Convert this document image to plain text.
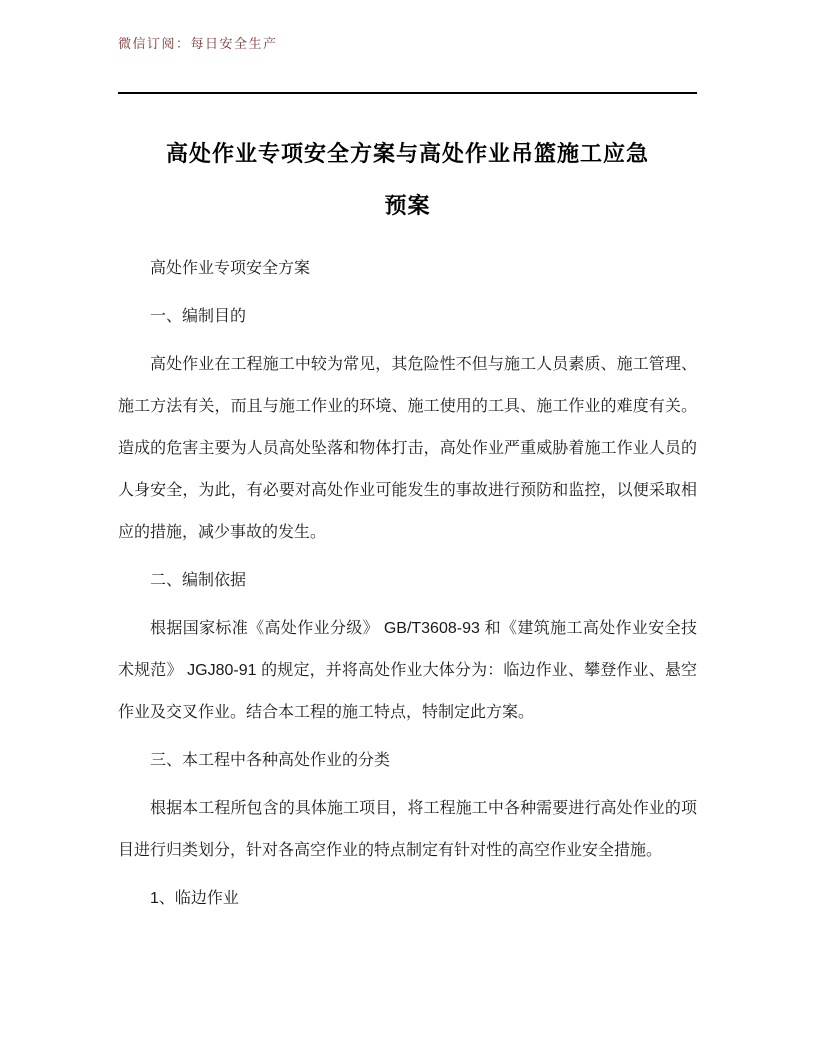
微信订阅：每日安全生产
高处作业专项安全方案与高处作业吊篮施工应急
预案

高处作业专项安全方案

一、编制目的

高处作业在工程施工中较为常见，其危险性不但与施工人员素质、施工管理、施工方法有关，而且与施工作业的环境、施工使用的工具、施工作业的难度有关。造成的危害主要为人员高处坠落和物体打击，高处作业严重威胁着施工作业人员的人身安全，为此，有必要对高处作业可能发生的事故进行预防和监控，以便采取相应的措施，减少事故的发生。

二、编制依据

根据国家标准《高处作业分级》 GB/T3608-93 和《建筑施工高处作业安全技术规范》 JGJ80-91 的规定，并将高处作业大体分为：临边作业、攀登作业、悬空作业及交叉作业。结合本工程的施工特点，特制定此方案。

三、本工程中各种高处作业的分类

根据本工程所包含的具体施工项目，将工程施工中各种需要进行高处作业的项目进行归类划分，针对各高空作业的特点制定有针对性的高空作业安全措施。

1、临边作业
